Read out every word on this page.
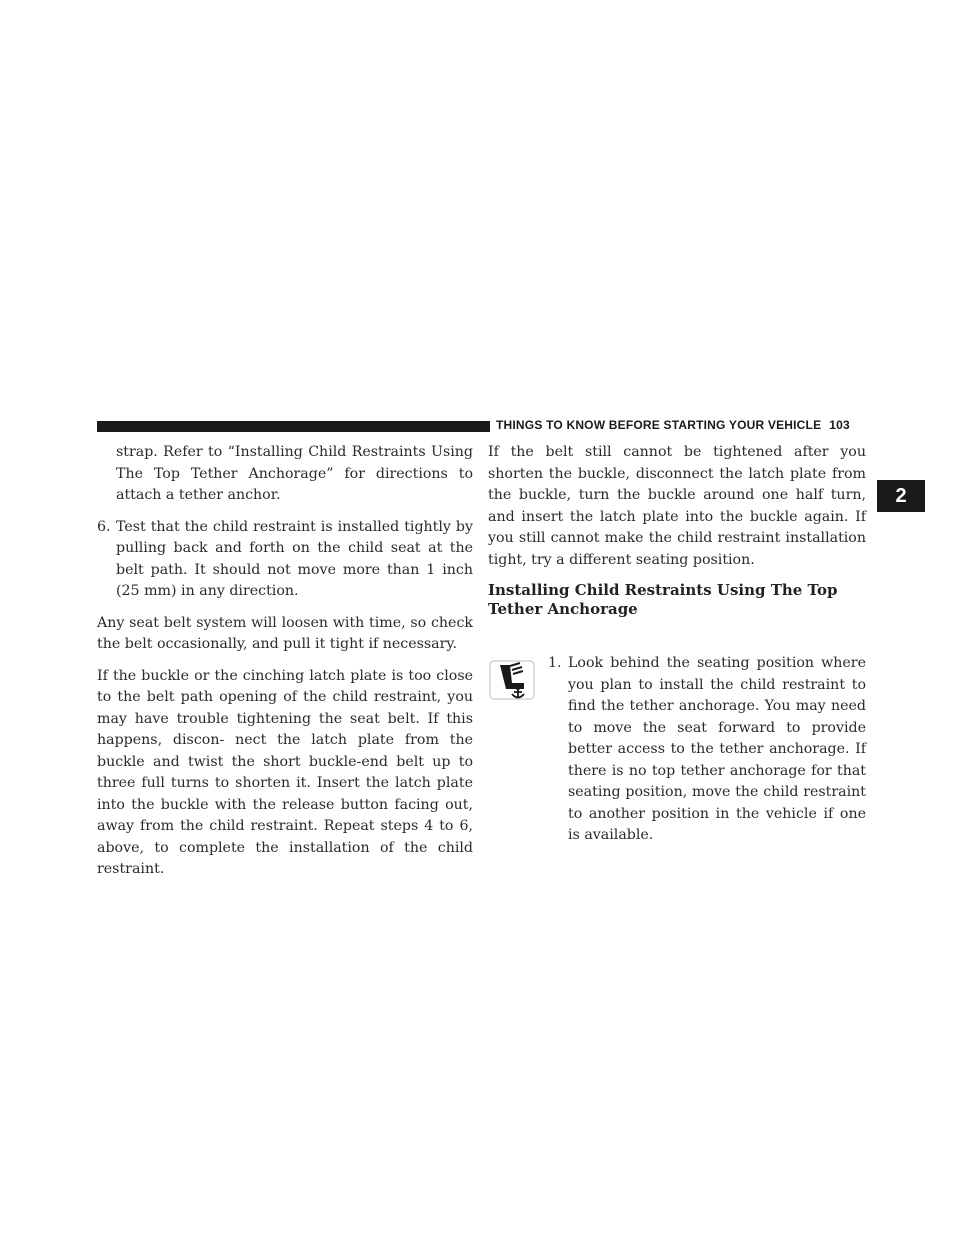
THINGS TO KNOW BEFORE STARTING YOUR VEHICLE 103
2
strap. Refer to “Installing Child Restraints Using The Top Tether Anchorage” for directions to attach a tether anchor.
6. Test that the child restraint is installed tightly by pulling back and forth on the child seat at the belt path. It should not move more than 1 inch (25 mm) in any direction.

Any seat belt system will loosen with time, so check the belt occasionally, and pull it tight if necessary.

If the buckle or the cinching latch plate is too close to the belt path opening of the child restraint, you may have trouble tightening the seat belt. If this happens, discon- nect the latch plate from the buckle and twist the short buckle-end belt up to three full turns to shorten it. Insert the latch plate into the buckle with the release button facing out, away from the child restraint. Repeat steps 4 to 6, above, to complete the installation of the child restraint.

If the belt still cannot be tightened after you shorten the buckle, disconnect the latch plate from the buckle, turn the buckle around one half turn, and insert the latch plate into the buckle again. If you still cannot make the child restraint installation tight, try a different seating position.

Installing Child Restraints Using The Top Tether Anchorage
1. Look behind the seating position where you plan to install the child restraint to find the tether anchorage. You may need to move the seat forward to provide better access to the tether anchorage. If there is no top tether anchorage for that seating position, move the child restraint to another position in the vehicle if one is available.
